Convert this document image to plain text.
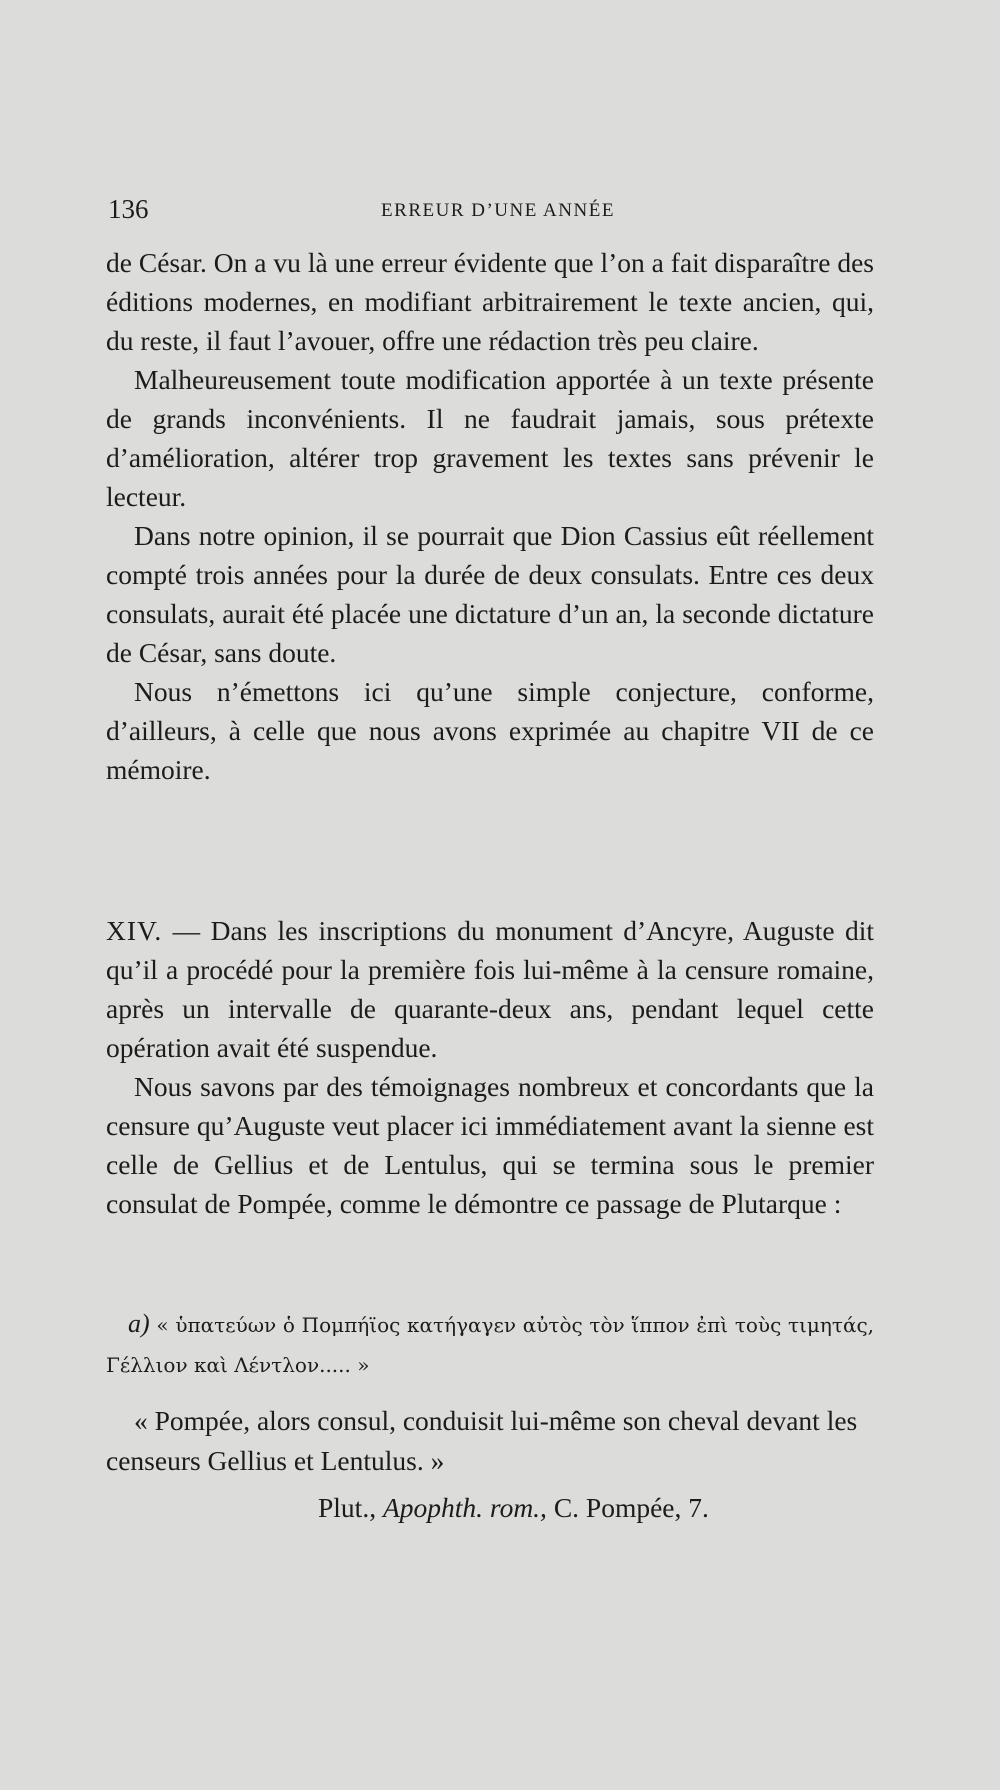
136	ERREUR D’UNE ANNÉE

de César. On a vu là une erreur évidente que l’on a fait disparaître des éditions modernes, en modifiant arbitrairement le texte ancien, qui, du reste, il faut l’avouer, offre une rédaction très peu claire.

Malheureusement toute modification apportée à un texte présente de grands inconvénients. Il ne faudrait jamais, sous prétexte d’amélioration, altérer trop gravement les textes sans prévenir le lecteur.

Dans notre opinion, il se pourrait que Dion Cassius eût réellement compté trois années pour la durée de deux consulats. Entre ces deux consulats, aurait été placée une dictature d’un an, la seconde dictature de César, sans doute.

Nous n’émettons ici qu’une simple conjecture, conforme, d’ailleurs, à celle que nous avons exprimée au chapitre VII de ce mémoire.

XIV. — Dans les inscriptions du monument d’Ancyre, Auguste dit qu’il a procédé pour la première fois lui-même à la censure romaine, après un intervalle de quarante-deux ans, pendant lequel cette opération avait été suspendue.

Nous savons par des témoignages nombreux et concordants que la censure qu’Auguste veut placer ici immédiatement avant la sienne est celle de Gellius et de Lentulus, qui se termina sous le premier consulat de Pompée, comme le démontre ce passage de Plutarque :

a) « ὑπατεύων ὁ Πομπήϊος κατήγαγεν αὐτὸς τὸν ἵππον ἐπὶ τοὺς τιμητάς, Γέλλιον καὶ Λέντλον..... »

« Pompée, alors consul, conduisit lui-même son cheval devant les censeurs Gellius et Lentulus. »

Plut., Apophth. rom., C. Pompée, 7.
